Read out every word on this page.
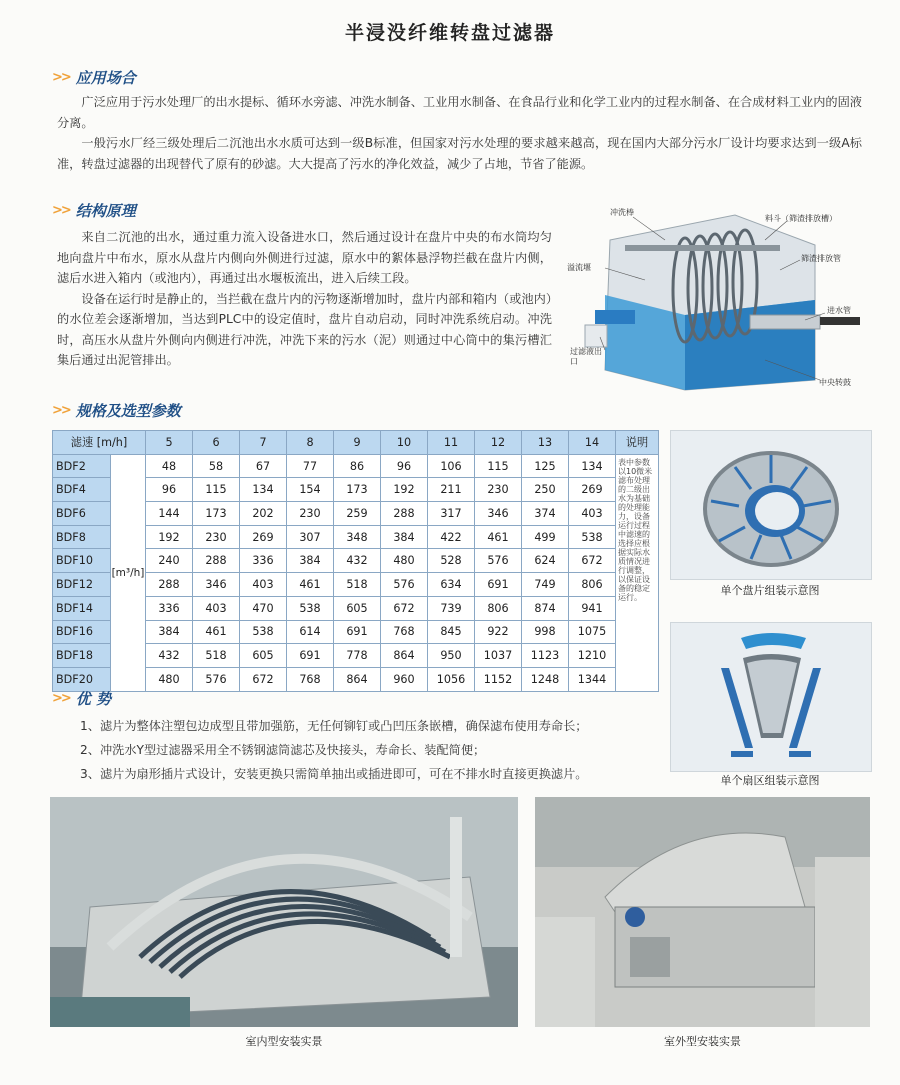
半浸没纤维转盘过滤器
>> 应用场合

广泛应用于污水处理厂的出水提标、循环水旁滤、冲洗水制备、工业用水制备、在食品行业和化学工业内的过程水制备、在合成材料工业内的固液分离。

一般污水厂经三级处理后二沉池出水水质可达到一级B标准，但国家对污水处理的要求越来越高，现在国内大部分污水厂设计均要求达到一级A标准，转盘过滤器的出现替代了原有的砂滤。大大提高了污水的净化效益，减少了占地，节省了能源。

>> 结构原理

来自二沉池的出水，通过重力流入设备进水口，然后通过设计在盘片中央的布水筒均匀地向盘片中布水，原水从盘片内侧向外侧进行过滤，原水中的絮体悬浮物拦截在盘片内侧，滤后水进入箱内（或池内），再通过出水堰板流出，进入后续工段。

设备在运行时是静止的，当拦截在盘片内的污物逐渐增加时，盘片内部和箱内（或池内）的水位差会逐渐增加，当达到PLC中的设定值时，盘片自动启动，同时冲洗系统启动。冲洗时，高压水从盘片外侧向内侧进行冲洗，冲洗下来的污水（泥）则通过中心筒中的集污槽汇集后通过出泥管排出。

冲洗棒
料斗（筛渣排放槽）
溢流堰
筛渣排放管
进水管
过滤液出口
中央转鼓
>> 规格及选型参数
滤速 [m/h]		5	6	7	8	9	10	11	12	13	14	说明
BDF2	[m³/h]	48	58	67	77	86	96	106	115	125	134	表中参数以10微米滤布处理的二级出水为基础的处理能力，设备运行过程中滤速的选择应根据实际水质情况进行调整，以保证设备的稳定运行。
BDF4		96	115	134	154	173	192	211	230	250	269	
BDF6		144	173	202	230	259	288	317	346	374	403	
BDF8		192	230	269	307	348	384	422	461	499	538	
BDF10		240	288	336	384	432	480	528	576	624	672	
BDF12		288	346	403	461	518	576	634	691	749	806	
BDF14		336	403	470	538	605	672	739	806	874	941	
BDF16		384	461	538	614	691	768	845	922	998	1075	
BDF18		432	518	605	691	778	864	950	1037	1123	1210	
BDF20		480	576	672	768	864	960	1056	1152	1248	1344	
单个盘片组装示意图
单个扇区组装示意图
>> 优 势
1、滤片为整体注塑包边成型且带加强筋，无任何铆钉或凸凹压条嵌槽，确保滤布使用寿命长；
2、冲洗水Y型过滤器采用全不锈钢滤筒滤芯及快接头，寿命长、装配简便；
3、滤片为扇形插片式设计，安装更换只需简单抽出或插进即可，可在不排水时直接更换滤片。
室内型安装实景	室外型安装实景
